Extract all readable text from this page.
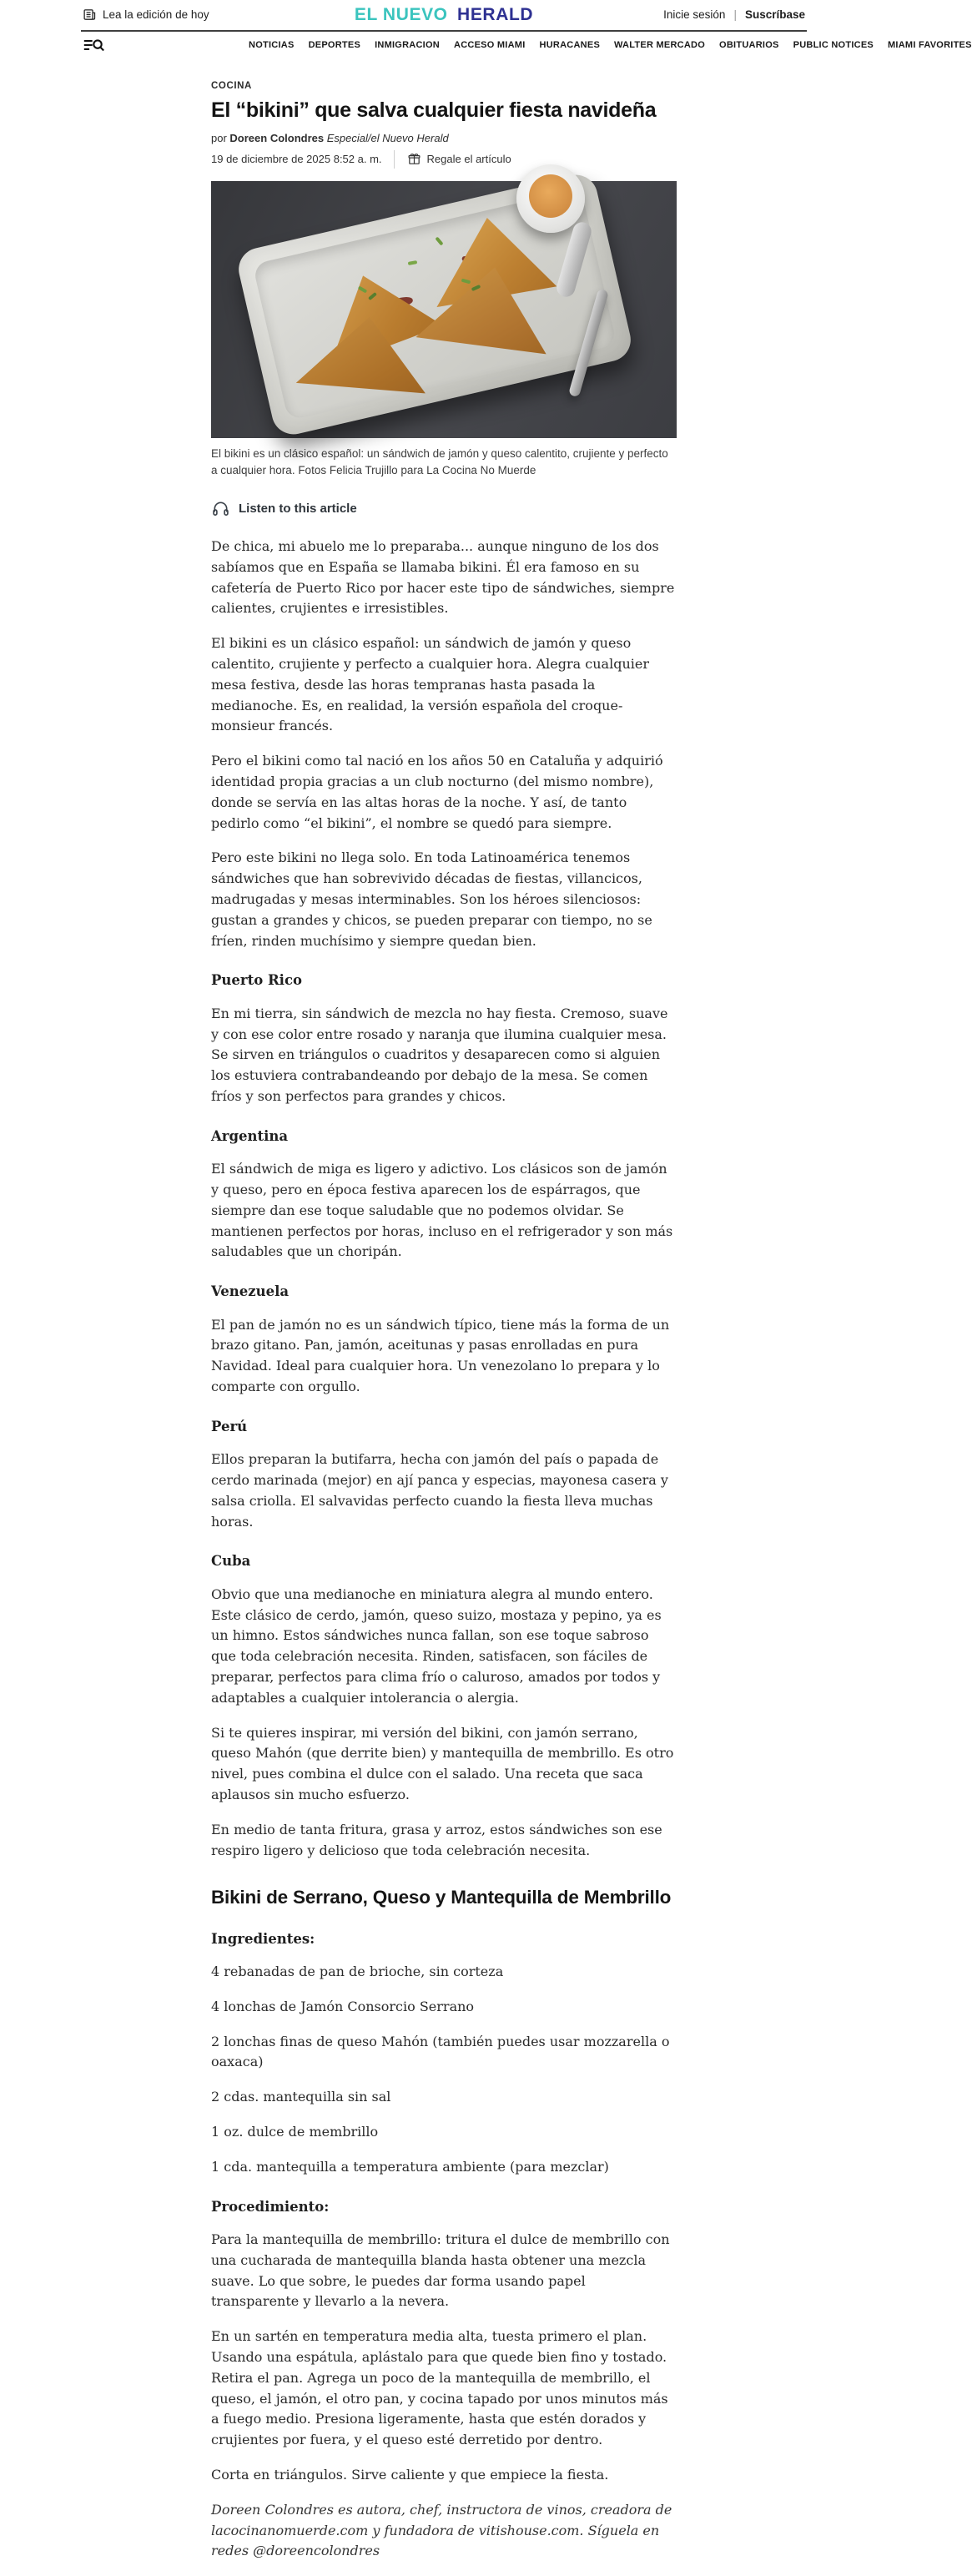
Lea la edición de hoy	EL NUEVO HERALD	Inicie sesión | Suscríbase
NOTICIAS DEPORTES INMIGRACION ACCESO MIAMI HURACANES WALTER MERCADO OBITUARIOS PUBLIC NOTICES MIAMI FAVORITES
COCINA
El “bikini” que salva cualquier fiesta navideña
por Doreen Colondres Especial/el Nuevo Herald
19 de diciembre de 2025 8:52 a. m.	Regale el artículo

El bikini es un clásico español: un sándwich de jamón y queso calentito, crujiente y perfecto a cualquier hora. Fotos Felicia Trujillo para La Cocina No Muerde

Listen to this article

De chica, mi abuelo me lo preparaba... aunque ninguno de los dos sabíamos que en España se llamaba bikini. Él era famoso en su cafetería de Puerto Rico por hacer este tipo de sándwiches, siempre calientes, crujientes e irresistibles.

El bikini es un clásico español: un sándwich de jamón y queso calentito, crujiente y perfecto a cualquier hora. Alegra cualquier mesa festiva, desde las horas tempranas hasta pasada la medianoche. Es, en realidad, la versión española del croque-monsieur francés.

Pero el bikini como tal nació en los años 50 en Cataluña y adquirió identidad propia gracias a un club nocturno (del mismo nombre), donde se servía en las altas horas de la noche. Y así, de tanto pedirlo como “el bikini”, el nombre se quedó para siempre.

Pero este bikini no llega solo. En toda Latinoamérica tenemos sándwiches que han sobrevivido décadas de fiestas, villancicos, madrugadas y mesas interminables. Son los héroes silenciosos: gustan a grandes y chicos, se pueden preparar con tiempo, no se fríen, rinden muchísimo y siempre quedan bien.

Puerto Rico

En mi tierra, sin sándwich de mezcla no hay fiesta. Cremoso, suave y con ese color entre rosado y naranja que ilumina cualquier mesa. Se sirven en triángulos o cuadritos y desaparecen como si alguien los estuviera contrabandeando por debajo de la mesa. Se comen fríos y son perfectos para grandes y chicos.

Argentina

El sándwich de miga es ligero y adictivo. Los clásicos son de jamón y queso, pero en época festiva aparecen los de espárragos, que siempre dan ese toque saludable que no podemos olvidar. Se mantienen perfectos por horas, incluso en el refrigerador y son más saludables que un choripán.

Venezuela

El pan de jamón no es un sándwich típico, tiene más la forma de un brazo gitano. Pan, jamón, aceitunas y pasas enrolladas en pura Navidad. Ideal para cualquier hora. Un venezolano lo prepara y lo comparte con orgullo.

Perú

Ellos preparan la butifarra, hecha con jamón del país o papada de cerdo marinada (mejor) en ají panca y especias, mayonesa casera y salsa criolla. El salvavidas perfecto cuando la fiesta lleva muchas horas.

Cuba

Obvio que una medianoche en miniatura alegra al mundo entero. Este clásico de cerdo, jamón, queso suizo, mostaza y pepino, ya es un himno. Estos sándwiches nunca fallan, son ese toque sabroso que toda celebración necesita. Rinden, satisfacen, son fáciles de preparar, perfectos para clima frío o caluroso, amados por todos y adaptables a cualquier intolerancia o alergia.

Si te quieres inspirar, mi versión del bikini, con jamón serrano, queso Mahón (que derrite bien) y mantequilla de membrillo. Es otro nivel, pues combina el dulce con el salado. Una receta que saca aplausos sin mucho esfuerzo.

En medio de tanta fritura, grasa y arroz, estos sándwiches son ese respiro ligero y delicioso que toda celebración necesita.

Bikini de Serrano, Queso y Mantequilla de Membrillo
Ingredientes:

4 rebanadas de pan de brioche, sin corteza

4 lonchas de Jamón Consorcio Serrano

2 lonchas finas de queso Mahón (también puedes usar mozzarella o oaxaca)

2 cdas. mantequilla sin sal

1 oz. dulce de membrillo

1 cda. mantequilla a temperatura ambiente (para mezclar)

Procedimiento:

Para la mantequilla de membrillo: tritura el dulce de membrillo con una cucharada de mantequilla blanda hasta obtener una mezcla suave. Lo que sobre, le puedes dar forma usando papel transparente y llevarlo a la nevera.

En un sartén en temperatura media alta, tuesta primero el plan. Usando una espátula, aplástalo para que quede bien fino y tostado. Retira el pan. Agrega un poco de la mantequilla de membrillo, el queso, el jamón, el otro pan, y cocina tapado por unos minutos más a fuego medio. Presiona ligeramente, hasta que estén dorados y crujientes por fuera, y el queso esté derretido por dentro.

Corta en triángulos. Sirve caliente y que empiece la fiesta.

Doreen Colondres es autora, chef, instructora de vinos, creadora de lacocinanomuerde.com y fundadora de vitishouse.com. Síguela en redes @doreencolondres
